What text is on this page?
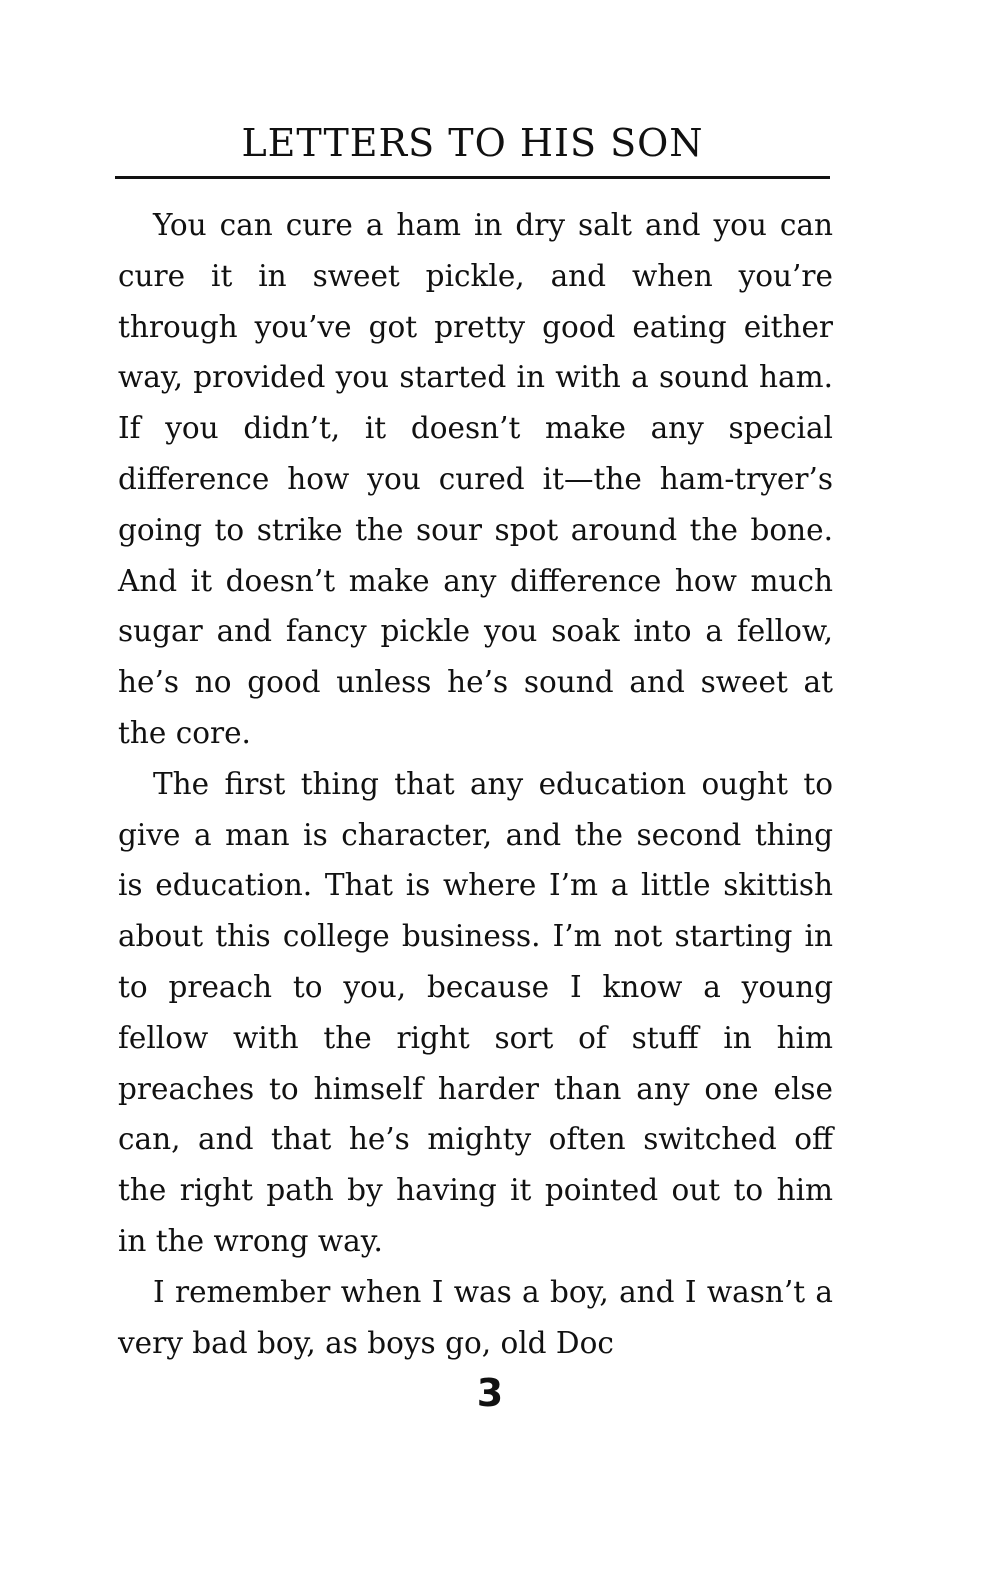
LETTERS TO HIS SON

You can cure a ham in dry salt and you can cure it in sweet pickle, and when you’re through you’ve got pretty good eating either way, provided you started in with a sound ham. If you didn’t, it doesn’t make any special difference how you cured it—the ham-tryer’s going to strike the sour spot around the bone. And it doesn’t make any difference how much sugar and fancy pickle you soak into a fellow, he’s no good unless he’s sound and sweet at the core.

The first thing that any education ought to give a man is character, and the second thing is education. That is where I’m a little skittish about this college business. I’m not starting in to preach to you, because I know a young fellow with the right sort of stuff in him preaches to himself harder than any one else can, and that he’s mighty often switched off the right path by having it pointed out to him in the wrong way.

I remember when I was a boy, and I wasn’t a very bad boy, as boys go, old Doc

3
